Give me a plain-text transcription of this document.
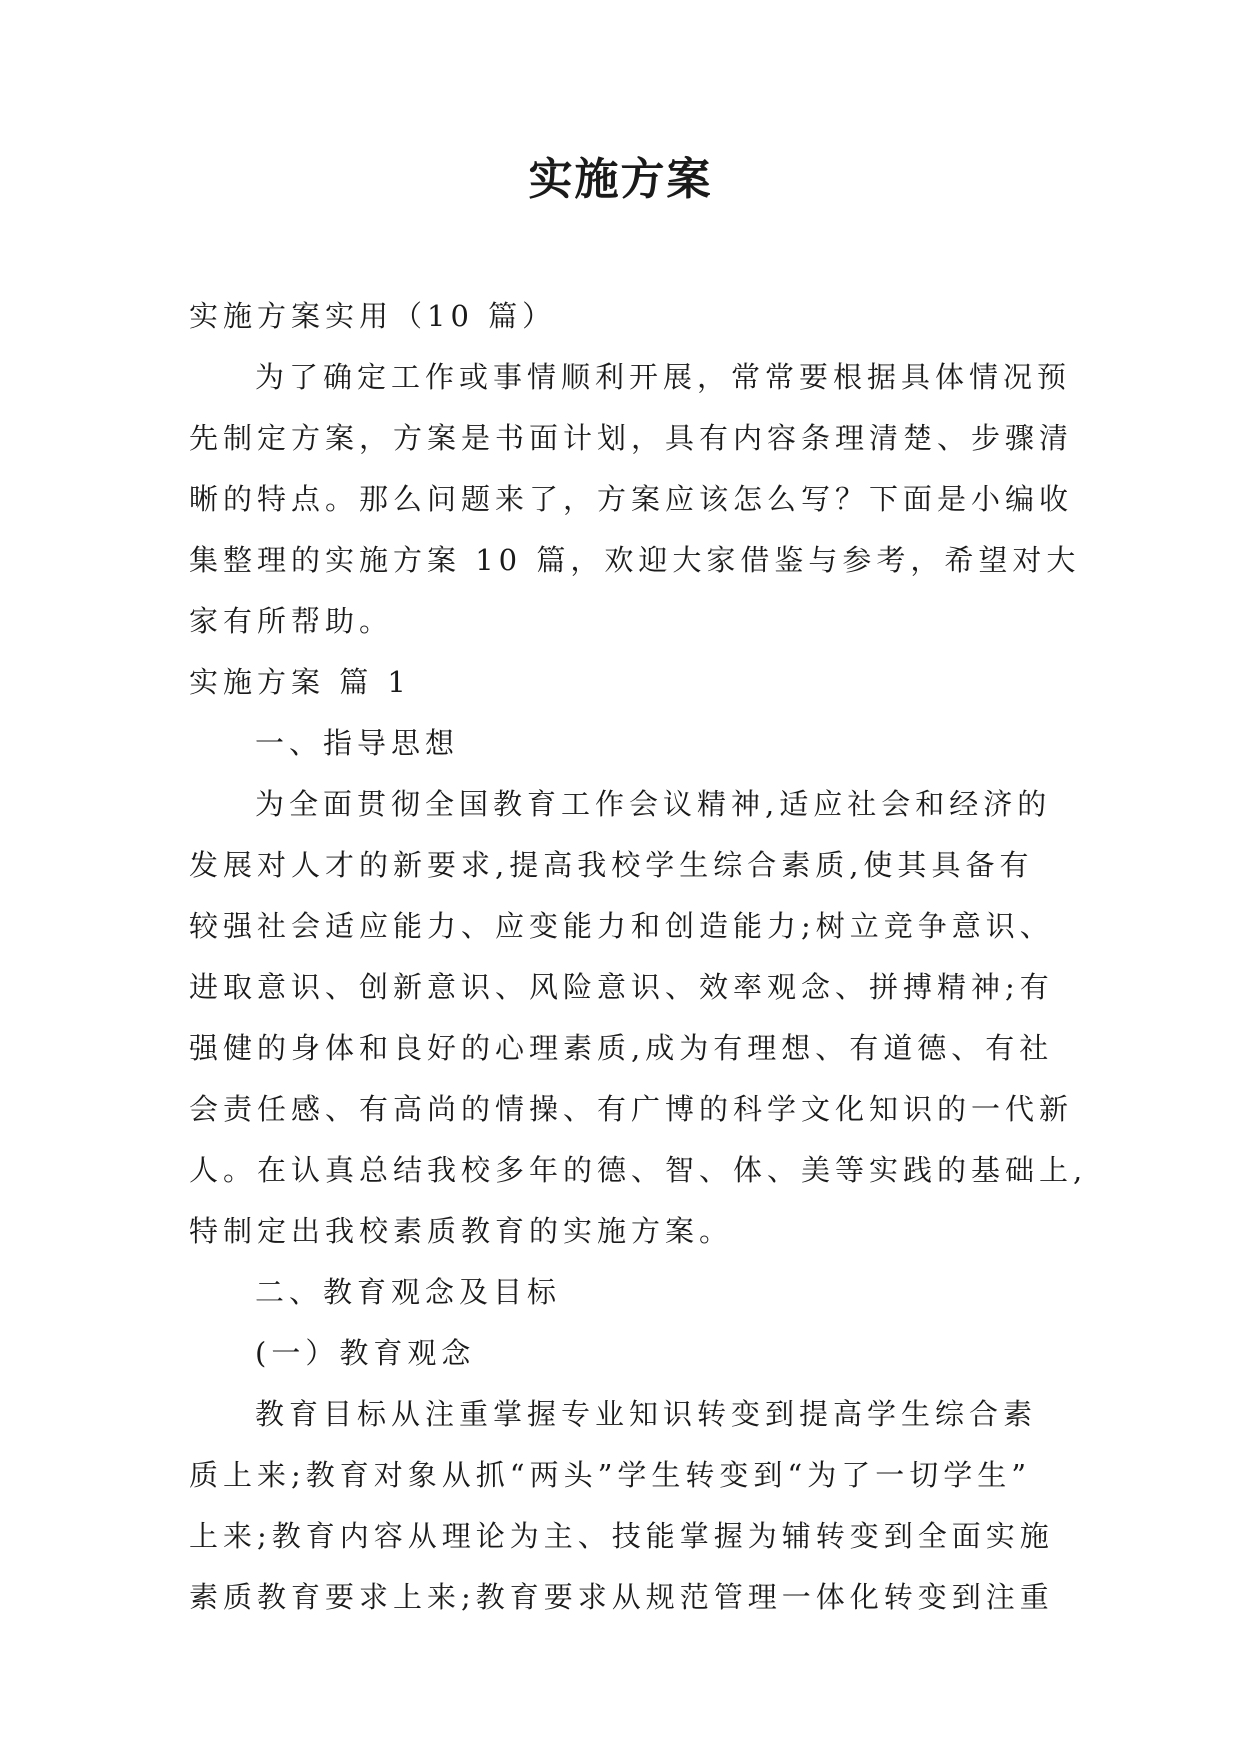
实施方案
实施方案实用（10 篇）
为了确定工作或事情顺利开展，常常要根据具体情况预
先制定方案，方案是书面计划，具有内容条理清楚、步骤清
晰的特点。那么问题来了，方案应该怎么写？下面是小编收
集整理的实施方案 10 篇，欢迎大家借鉴与参考，希望对大
家有所帮助。
实施方案 篇 1
一、指导思想
为全面贯彻全国教育工作会议精神,适应社会和经济的
发展对人才的新要求,提高我校学生综合素质,使其具备有
较强社会适应能力、应变能力和创造能力;树立竞争意识、
进取意识、创新意识、风险意识、效率观念、拼搏精神;有
强健的身体和良好的心理素质,成为有理想、有道德、有社
会责任感、有高尚的情操、有广博的科学文化知识的一代新
人。在认真总结我校多年的德、智、体、美等实践的基础上,
特制定出我校素质教育的实施方案。
二、教育观念及目标
(一）教育观念
教育目标从注重掌握专业知识转变到提高学生综合素
质上来;教育对象从抓“两头”学生转变到“为了一切学生”
上来;教育内容从理论为主、技能掌握为辅转变到全面实施
素质教育要求上来;教育要求从规范管理一体化转变到注重
